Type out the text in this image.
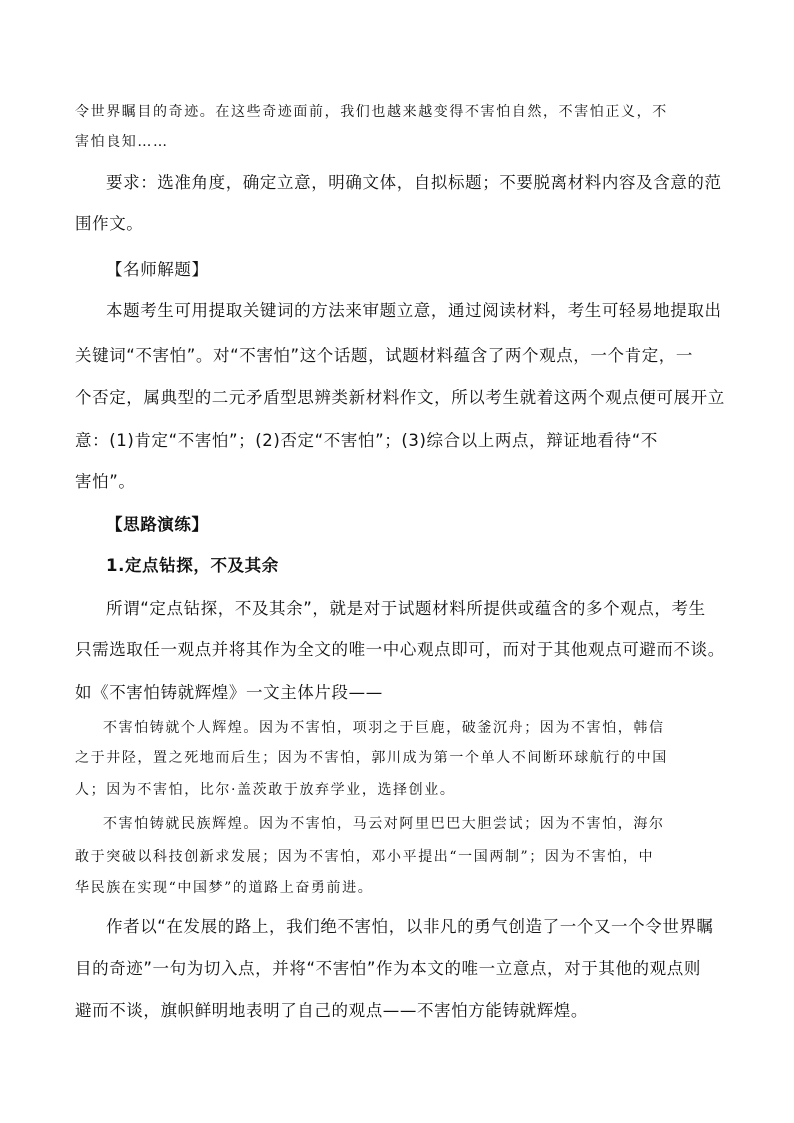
令世界瞩目的奇迹。在这些奇迹面前，我们也越来越变得不害怕自然，不害怕正义，不
害怕良知……
要求：选准角度，确定立意，明确文体，自拟标题；不要脱离材料内容及含意的范
围作文。
【名师解题】
本题考生可用提取关键词的方法来审题立意，通过阅读材料，考生可轻易地提取出
关键词“不害怕”。对“不害怕”这个话题，试题材料蕴含了两个观点，一个肯定，一
个否定，属典型的二元矛盾型思辨类新材料作文，所以考生就着这两个观点便可展开立
意：(1)肯定“不害怕”；(2)否定“不害怕”；(3)综合以上两点，辩证地看待“不
害怕”。
【思路演练】
1.定点钻探，不及其余
所谓“定点钻探，不及其余”，就是对于试题材料所提供或蕴含的多个观点，考生
只需选取任一观点并将其作为全文的唯一中心观点即可，而对于其他观点可避而不谈。
如《不害怕铸就辉煌》一文主体片段——
不害怕铸就个人辉煌。因为不害怕，项羽之于巨鹿，破釜沉舟；因为不害怕，韩信
之于井陉，置之死地而后生；因为不害怕，郭川成为第一个单人不间断环球航行的中国
人；因为不害怕，比尔·盖茨敢于放弃学业，选择创业。
不害怕铸就民族辉煌。因为不害怕，马云对阿里巴巴大胆尝试；因为不害怕，海尔
敢于突破以科技创新求发展；因为不害怕，邓小平提出“一国两制”；因为不害怕，中
华民族在实现“中国梦”的道路上奋勇前进。
作者以“在发展的路上，我们绝不害怕，以非凡的勇气创造了一个又一个令世界瞩
目的奇迹”一句为切入点，并将“不害怕”作为本文的唯一立意点，对于其他的观点则
避而不谈，旗帜鲜明地表明了自己的观点——不害怕方能铸就辉煌。
